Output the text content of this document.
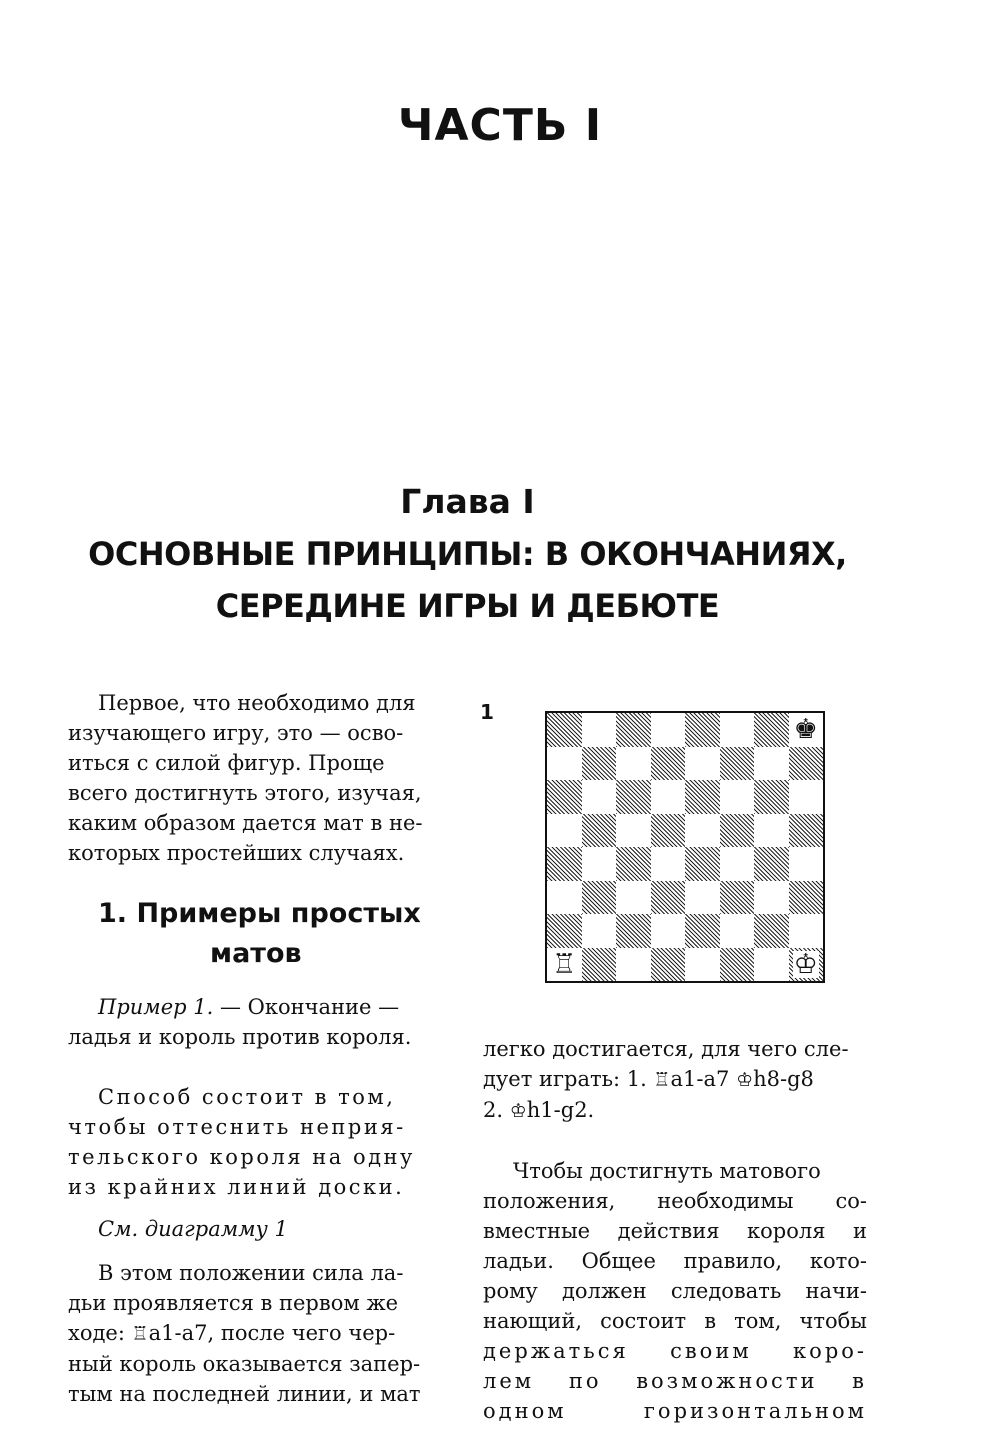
ЧАСТЬ I
Глава I
ОСНОВНЫЕ ПРИНЦИПЫ: В ОКОНЧАНИЯХ,
СЕРЕДИНЕ ИГРЫ И ДЕБЮТЕ

Первое, что необходимо для
изучающего игру, это — осво-
иться с силой фигур. Проще
всего достигнуть этого, изучая,
каким образом дается мат в не-
которых простейших случаях.

1. Примеры простых
матов

Пример 1. — Окончание —
ладья и король против короля.

Способ состоит в том,
чтобы оттеснить неприя-
тельского короля на одну
из крайних линий доски.

См. диаграмму 1

В этом положении сила ла-
дьи проявляется в первом же
ходе: ♖a1-a7, после чего чер-
ный король оказывается запер-
тым на последней линии, и мат

1
♚
♖	♔

легко достигается, для чего сле-
дует играть: 1. ♖a1-a7 ♔h8-g8
2. ♔h1-g2.

Чтобы достигнуть матового
положения, необходимы со-
вместные действия короля и
ладьи. Общее правило, кото-
рому должен следовать начи-
нающий, состоит в том, чтобы
держаться своим коро-
лем по возможности в
одном горизонтальном
